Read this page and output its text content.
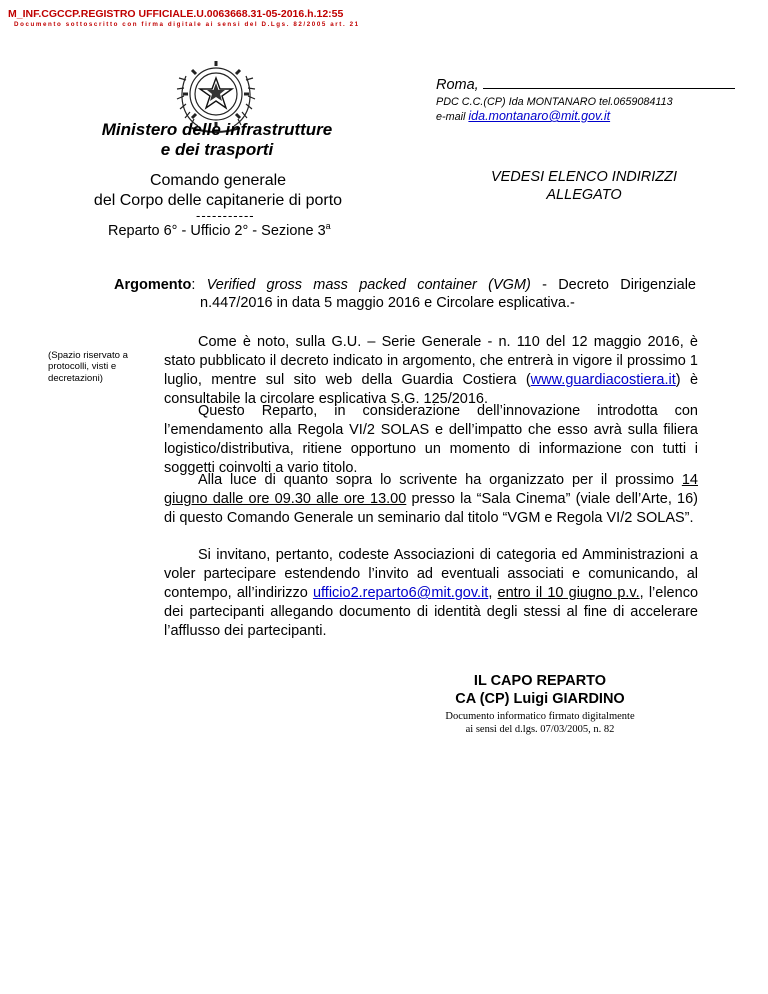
M_INF.CGCCP.REGISTRO UFFICIALE.U.0063668.31-05-2016.h.12:55
Documento sottoscritto con firma digitale ai sensi del D.Lgs. 82/2005 art. 21
Roma,
PDC C.C.(CP) Ida MONTANARO tel.0659084113
e-mail ida.montanaro@mit.gov.it
Ministero delle infrastrutture
e dei trasporti
Comando generale
del Corpo delle capitanerie di porto
-----------
Reparto 6° - Ufficio 2° - Sezione 3$^a$
VEDESI ELENCO INDIRIZZI
ALLEGATO
Argomento: Verified gross mass packed container (VGM) - Decreto Dirigenziale
n.447/2016 in data 5 maggio 2016 e Circolare esplicativa.-
(Spazio riservato a protocolli, visti e decretazioni)
Come è noto, sulla G.U. – Serie Generale - n. 110 del 12 maggio 2016, è stato pubblicato il decreto indicato in argomento, che entrerà in vigore il prossimo 1 luglio, mentre sul sito web della Guardia Costiera (www.guardiacostiera.it) è consultabile la circolare esplicativa S.G. 125/2016.
Questo Reparto, in considerazione dell’innovazione introdotta con l’emendamento alla Regola VI/2 SOLAS e dell’impatto che esso avrà sulla filiera logistico/distributiva, ritiene opportuno un momento di informazione con tutti i soggetti coinvolti a vario titolo.
Alla luce di quanto sopra lo scrivente ha organizzato per il prossimo 14 giugno dalle ore 09.30 alle ore 13.00 presso la “Sala Cinema” (viale dell’Arte, 16) di questo Comando Generale un seminario dal titolo “VGM e Regola VI/2 SOLAS”.
Si invitano, pertanto, codeste Associazioni di categoria ed Amministrazioni a voler partecipare estendendo l’invito ad eventuali associati e comunicando, al contempo, all’indirizzo ufficio2.reparto6@mit.gov.it, entro il 10 giugno p.v., l’elenco dei partecipanti allegando documento di identità degli stessi al fine di accelerare l’afflusso dei partecipanti.
IL CAPO REPARTO
CA (CP) Luigi GIARDINO
Documento informatico firmato digitalmente
ai sensi del d.lgs. 07/03/2005, n. 82
